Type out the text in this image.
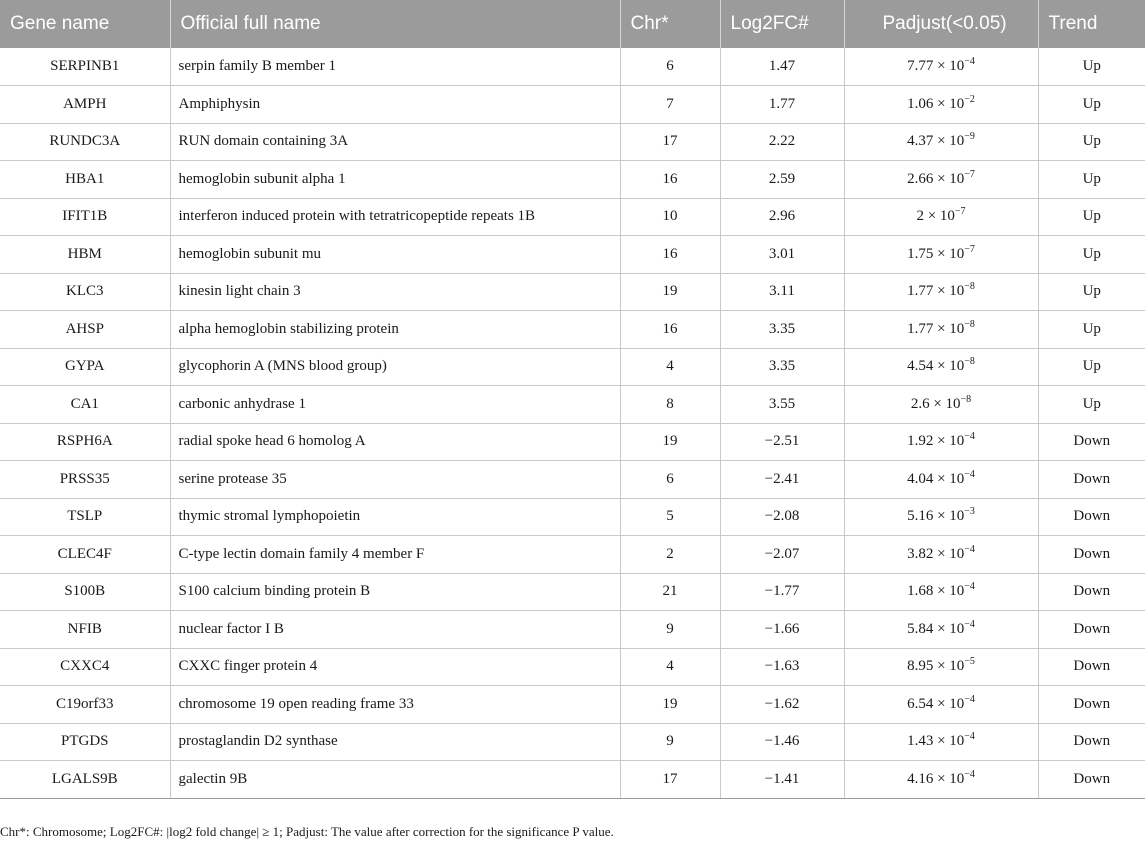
Gene name	Official full name	Chr*	Log2FC#	Padjust(<0.05)	Trend
SERPINB1	serpin family B member 1	6	1.47	$7.77 \times 10^{-4}$	Up
AMPH	Amphiphysin	7	1.77	$1.06 \times 10^{-2}$	Up
RUNDC3A	RUN domain containing 3A	17	2.22	$4.37 \times 10^{-9}$	Up
HBA1	hemoglobin subunit alpha 1	16	2.59	$2.66 \times 10^{-7}$	Up
IFIT1B	interferon induced protein with tetratricopeptide repeats 1B	10	2.96	$2 \times 10^{-7}$	Up
HBM	hemoglobin subunit mu	16	3.01	$1.75 \times 10^{-7}$	Up
KLC3	kinesin light chain 3	19	3.11	$1.77 \times 10^{-8}$	Up
AHSP	alpha hemoglobin stabilizing protein	16	3.35	$1.77 \times 10^{-8}$	Up
GYPA	glycophorin A (MNS blood group)	4	3.35	$4.54 \times 10^{-8}$	Up
CA1	carbonic anhydrase 1	8	3.55	$2.6 \times 10^{-8}$	Up
RSPH6A	radial spoke head 6 homolog A	19	−2.51	$1.92 \times 10^{-4}$	Down
PRSS35	serine protease 35	6	−2.41	$4.04 \times 10^{-4}$	Down
TSLP	thymic stromal lymphopoietin	5	−2.08	$5.16 \times 10^{-3}$	Down
CLEC4F	C-type lectin domain family 4 member F	2	−2.07	$3.82 \times 10^{-4}$	Down
S100B	S100 calcium binding protein B	21	−1.77	$1.68 \times 10^{-4}$	Down
NFIB	nuclear factor I B	9	−1.66	$5.84 \times 10^{-4}$	Down
CXXC4	CXXC finger protein 4	4	−1.63	$8.95 \times 10^{-5}$	Down
C19orf33	chromosome 19 open reading frame 33	19	−1.62	$6.54 \times 10^{-4}$	Down
PTGDS	prostaglandin D2 synthase	9	−1.46	$1.43 \times 10^{-4}$	Down
LGALS9B	galectin 9B	17	−1.41	$4.16 \times 10^{-4}$	Down
Chr*: Chromosome; Log2FC#: |log2 fold change| ≥ 1; Padjust: The value after correction for the significance P value.
